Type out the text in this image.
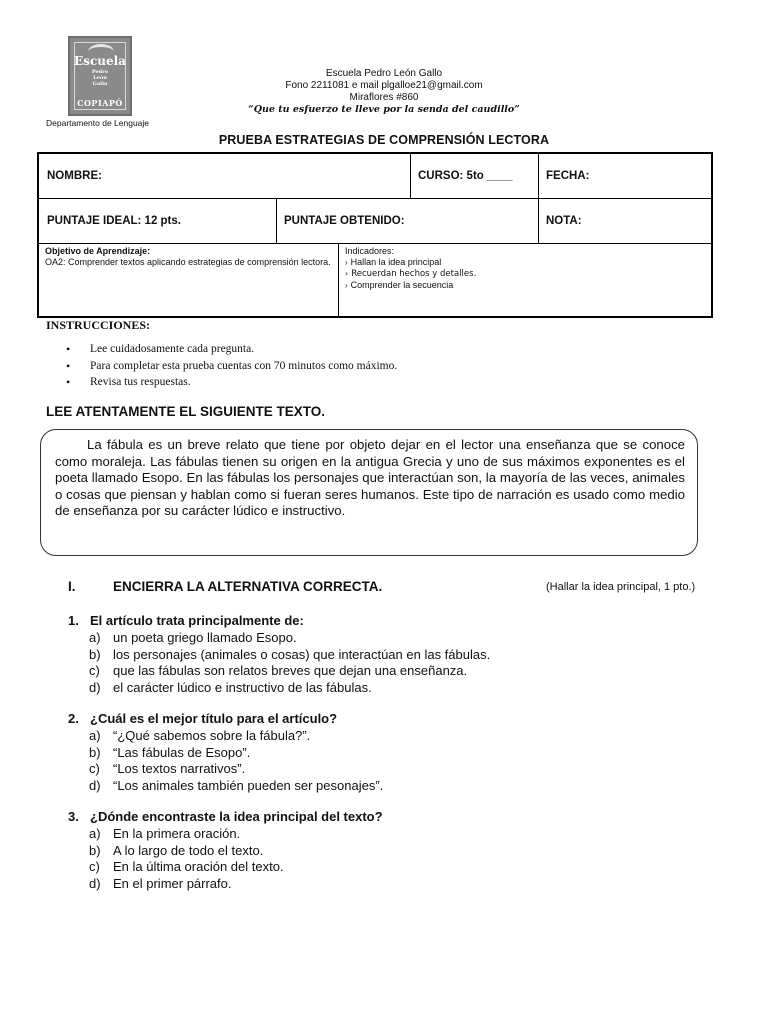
Escuela
Pedro
León
Gallo
COPIAPÓ
Departamento de Lenguaje
Escuela Pedro León Gallo
Fono 2211081 e mail plgalloe21@gmail.com
Miraflores #860
“Que tu esfuerzo te lleve por la senda del caudillo”
PRUEBA ESTRATEGIAS DE COMPRENSIÓN LECTORA
NOMBRE:	CURSO: 5to ____	FECHA:
PUNTAJE IDEAL: 12 pts.	PUNTAJE OBTENIDO:	NOTA:
Objetivo de Aprendizaje:
OA2: Comprender textos aplicando estrategias de comprensión lectora.
Indicadores:
› Hallan la idea principal
› Recuerdan hechos y detalles.
› Comprender la secuencia
INSTRUCCIONES:
• Lee cuidadosamente cada pregunta.
• Para completar esta prueba cuentas con 70 minutos como máximo.
• Revisa tus respuestas.
LEE ATENTAMENTE EL SIGUIENTE TEXTO.

La fábula es un breve relato que tiene por objeto dejar en el lector una enseñanza que se conoce como moraleja. Las fábulas tienen su origen en la antigua Grecia y uno de sus máximos exponentes es el poeta llamado Esopo. En las fábulas los personajes que interactúan son, la mayoría de las veces, animales o cosas que piensan y hablan como si fueran seres humanos. Este tipo de narración es usado como medio de enseñanza por su carácter lúdico e instructivo.

I.	ENCIERRA LA ALTERNATIVA CORRECTA.	(Hallar la idea principal, 1 pto.)
1. El artículo trata principalmente de:
a) un poeta griego llamado Esopo.
b) los personajes (animales o cosas) que interactúan en las fábulas.
c) que las fábulas son relatos breves que dejan una enseñanza.
d) el carácter lúdico e instructivo de las fábulas.
2. ¿Cuál es el mejor título para el artículo?
a) “¿Qué sabemos sobre la fábula?”.
b) “Las fábulas de Esopo”.
c) “Los textos narrativos”.
d) “Los animales también pueden ser pesonajes”.
3. ¿Dónde encontraste la idea principal del texto?
a) En la primera oración.
b) A lo largo de todo el texto.
c) En la última oración del texto.
d) En el primer párrafo.
